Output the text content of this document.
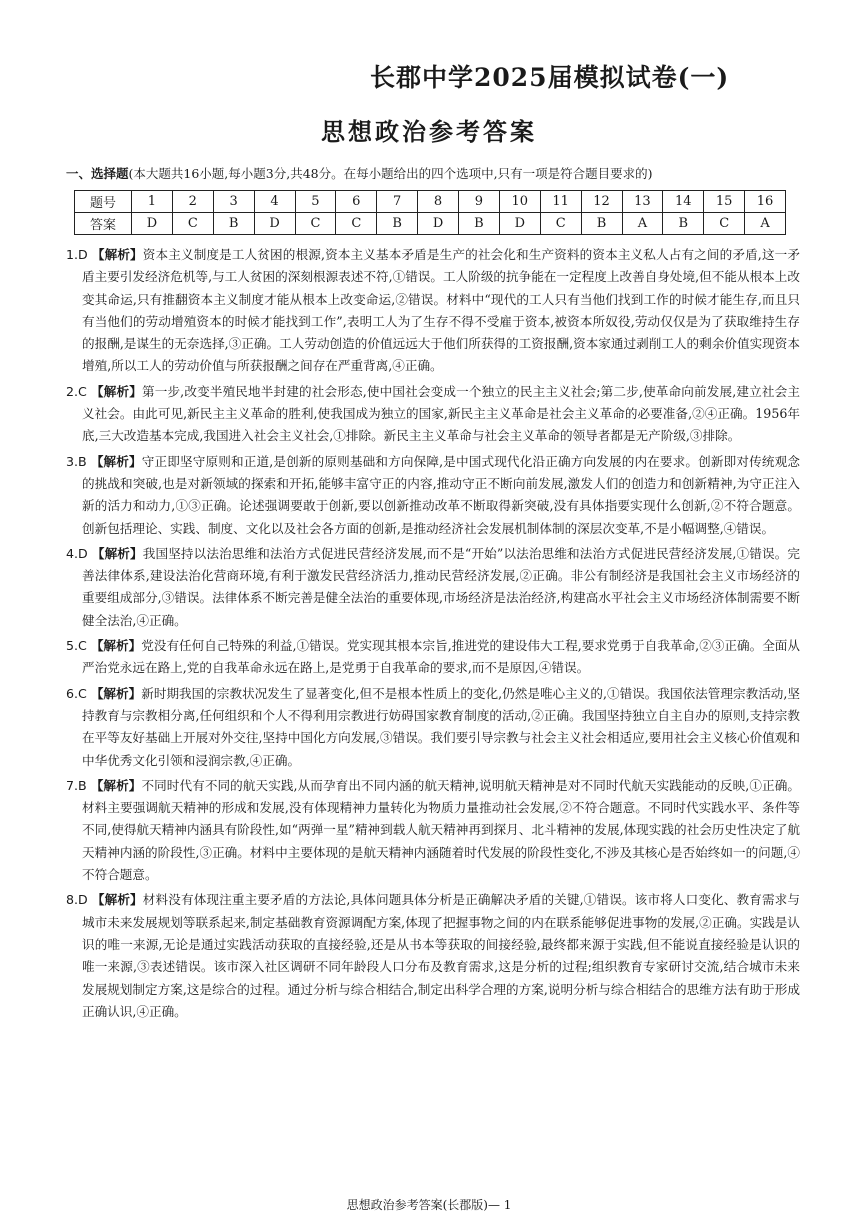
长郡中学2025届模拟试卷(一)
思想政治参考答案
一、选择题(本大题共16小题,每小题3分,共48分。在每小题给出的四个选项中,只有一项是符合题目要求的)
题号	1	2	3	4	5	6	7	8	9	10	11	12	13	14	15	16
答案	D	C	B	D	C	C	B	D	B	D	C	B	A	B	C	A

1.D 【解析】资本主义制度是工人贫困的根源,资本主义基本矛盾是生产的社会化和生产资料的资本主义私人占有之间的矛盾,这一矛盾主要引发经济危机等,与工人贫困的深刻根源表述不符,①错误。工人阶级的抗争能在一定程度上改善自身处境,但不能从根本上改变其命运,只有推翻资本主义制度才能从根本上改变命运,②错误。材料中“现代的工人只有当他们找到工作的时候才能生存,而且只有当他们的劳动增殖资本的时候才能找到工作”,表明工人为了生存不得不受雇于资本,被资本所奴役,劳动仅仅是为了获取维持生存的报酬,是谋生的无奈选择,③正确。工人劳动创造的价值远远大于他们所获得的工资报酬,资本家通过剥削工人的剩余价值实现资本增殖,所以工人的劳动价值与所获报酬之间存在严重背离,④正确。

2.C 【解析】第一步,改变半殖民地半封建的社会形态,使中国社会变成一个独立的民主主义社会;第二步,使革命向前发展,建立社会主义社会。由此可见,新民主主义革命的胜利,使我国成为独立的国家,新民主主义革命是社会主义革命的必要准备,②④正确。1956年底,三大改造基本完成,我国进入社会主义社会,①排除。新民主主义革命与社会主义革命的领导者都是无产阶级,③排除。

3.B 【解析】守正即坚守原则和正道,是创新的原则基础和方向保障,是中国式现代化沿正确方向发展的内在要求。创新即对传统观念的挑战和突破,也是对新领域的探索和开拓,能够丰富守正的内容,推动守正不断向前发展,激发人们的创造力和创新精神,为守正注入新的活力和动力,①③正确。论述强调要敢于创新,要以创新推动改革不断取得新突破,没有具体指要实现什么创新,②不符合题意。创新包括理论、实践、制度、文化以及社会各方面的创新,是推动经济社会发展机制体制的深层次变革,不是小幅调整,④错误。

4.D 【解析】我国坚持以法治思维和法治方式促进民营经济发展,而不是“开始”以法治思维和法治方式促进民营经济发展,①错误。完善法律体系,建设法治化营商环境,有利于激发民营经济活力,推动民营经济发展,②正确。非公有制经济是我国社会主义市场经济的重要组成部分,③错误。法律体系不断完善是健全法治的重要体现,市场经济是法治经济,构建高水平社会主义市场经济体制需要不断健全法治,④正确。

5.C 【解析】党没有任何自己特殊的利益,①错误。党实现其根本宗旨,推进党的建设伟大工程,要求党勇于自我革命,②③正确。全面从严治党永远在路上,党的自我革命永远在路上,是党勇于自我革命的要求,而不是原因,④错误。

6.C 【解析】新时期我国的宗教状况发生了显著变化,但不是根本性质上的变化,仍然是唯心主义的,①错误。我国依法管理宗教活动,坚持教育与宗教相分离,任何组织和个人不得利用宗教进行妨碍国家教育制度的活动,②正确。我国坚持独立自主自办的原则,支持宗教在平等友好基础上开展对外交往,坚持中国化方向发展,③错误。我们要引导宗教与社会主义社会相适应,要用社会主义核心价值观和中华优秀文化引领和浸润宗教,④正确。

7.B 【解析】不同时代有不同的航天实践,从而孕育出不同内涵的航天精神,说明航天精神是对不同时代航天实践能动的反映,①正确。材料主要强调航天精神的形成和发展,没有体现精神力量转化为物质力量推动社会发展,②不符合题意。不同时代实践水平、条件等不同,使得航天精神内涵具有阶段性,如“两弹一星”精神到载人航天精神再到探月、北斗精神的发展,体现实践的社会历史性决定了航天精神内涵的阶段性,③正确。材料中主要体现的是航天精神内涵随着时代发展的阶段性变化,不涉及其核心是否始终如一的问题,④不符合题意。

8.D 【解析】材料没有体现注重主要矛盾的方法论,具体问题具体分析是正确解决矛盾的关键,①错误。该市将人口变化、教育需求与城市未来发展规划等联系起来,制定基础教育资源调配方案,体现了把握事物之间的内在联系能够促进事物的发展,②正确。实践是认识的唯一来源,无论是通过实践活动获取的直接经验,还是从书本等获取的间接经验,最终都来源于实践,但不能说直接经验是认识的唯一来源,③表述错误。该市深入社区调研不同年龄段人口分布及教育需求,这是分析的过程;组织教育专家研讨交流,结合城市未来发展规划制定方案,这是综合的过程。通过分析与综合相结合,制定出科学合理的方案,说明分析与综合相结合的思维方法有助于形成正确认识,④正确。

思想政治参考答案(长郡版)— 1
